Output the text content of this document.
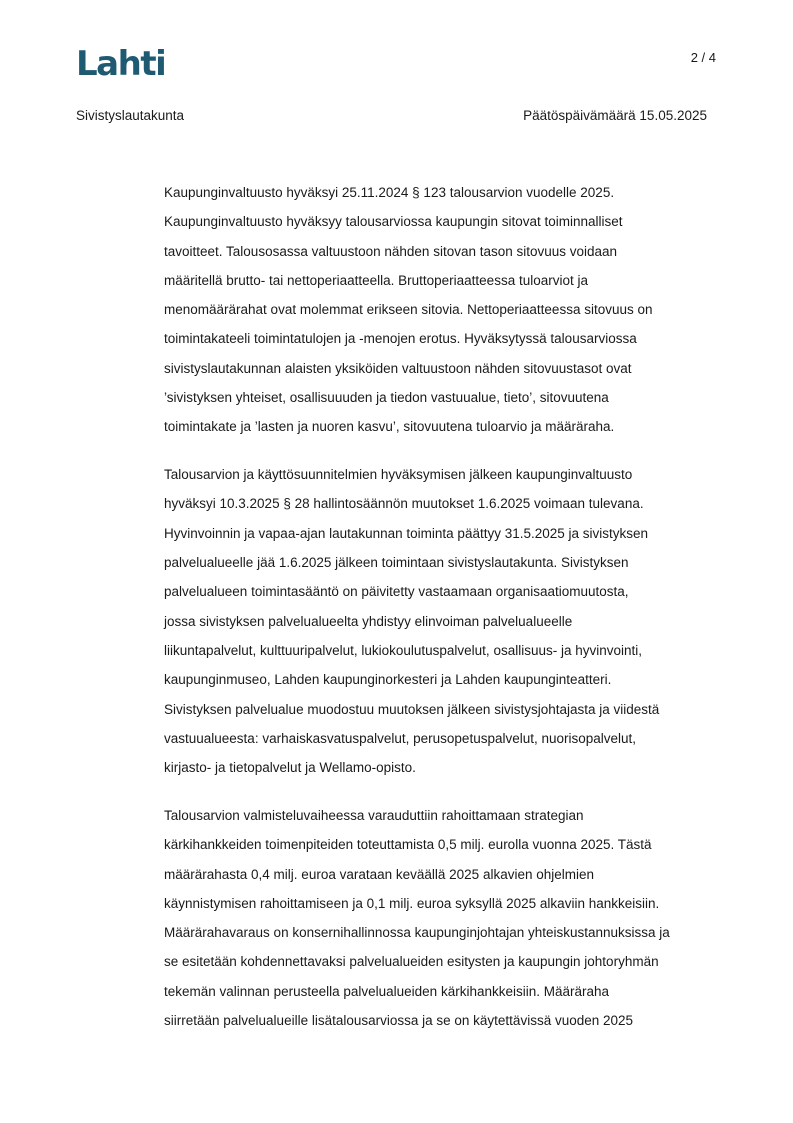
Lahti	2 / 4
Sivistyslautakunta	Päätöspäivämäärä 15.05.2025

Kaupunginvaltuusto hyväksyi 25.11.2024 § 123 talousarvion vuodelle 2025.
Kaupunginvaltuusto hyväksyy talousarviossa kaupungin sitovat toiminnalliset
tavoitteet. Talousosassa valtuustoon nähden sitovan tason sitovuus voidaan
määritellä brutto- tai nettoperiaatteella. Bruttoperiaatteessa tuloarviot ja
menomäärärahat ovat molemmat erikseen sitovia. Nettoperiaatteessa sitovuus on
toimintakateeli toimintatulojen ja -menojen erotus. Hyväksytyssä talousarviossa
sivistyslautakunnan alaisten yksiköiden valtuustoon nähden sitovuustasot ovat
’sivistyksen yhteiset, osallisuuuden ja tiedon vastuualue, tieto’, sitovuutena
toimintakate ja ’lasten ja nuoren kasvu’, sitovuutena tuloarvio ja määräraha.

Talousarvion ja käyttösuunnitelmien hyväksymisen jälkeen kaupunginvaltuusto
hyväksyi 10.3.2025 § 28 hallintosäännön muutokset 1.6.2025 voimaan tulevana.
Hyvinvoinnin ja vapaa-ajan lautakunnan toiminta päättyy 31.5.2025 ja sivistyksen
palvelualueelle jää 1.6.2025 jälkeen toimintaan sivistyslautakunta. Sivistyksen
palvelualueen toimintasääntö on päivitetty vastaamaan organisaatiomuutosta,
jossa sivistyksen palvelualueelta yhdistyy elinvoiman palvelualueelle
liikuntapalvelut, kulttuuripalvelut, lukiokoulutuspalvelut, osallisuus- ja hyvinvointi,
kaupunginmuseo, Lahden kaupunginorkesteri ja Lahden kaupunginteatteri.
Sivistyksen palvelualue muodostuu muutoksen jälkeen sivistysjohtajasta ja viidestä
vastuualueesta: varhaiskasvatuspalvelut, perusopetuspalvelut, nuorisopalvelut,
kirjasto- ja tietopalvelut ja Wellamo-opisto.

Talousarvion valmisteluvaiheessa varauduttiin rahoittamaan strategian
kärkihankkeiden toimenpiteiden toteuttamista 0,5 milj. eurolla vuonna 2025. Tästä
määrärahasta 0,4 milj. euroa varataan keväällä 2025 alkavien ohjelmien
käynnistymisen rahoittamiseen ja 0,1 milj. euroa syksyllä 2025 alkaviin hankkeisiin.
Määrärahavaraus on konsernihallinnossa kaupunginjohtajan yhteiskustannuksissa ja
se esitetään kohdennettavaksi palvelualueiden esitysten ja kaupungin johtoryhmän
tekemän valinnan perusteella palvelualueiden kärkihankkeisiin. Määräraha
siirretään palvelualueille lisätalousarviossa ja se on käytettävissä vuoden 2025
